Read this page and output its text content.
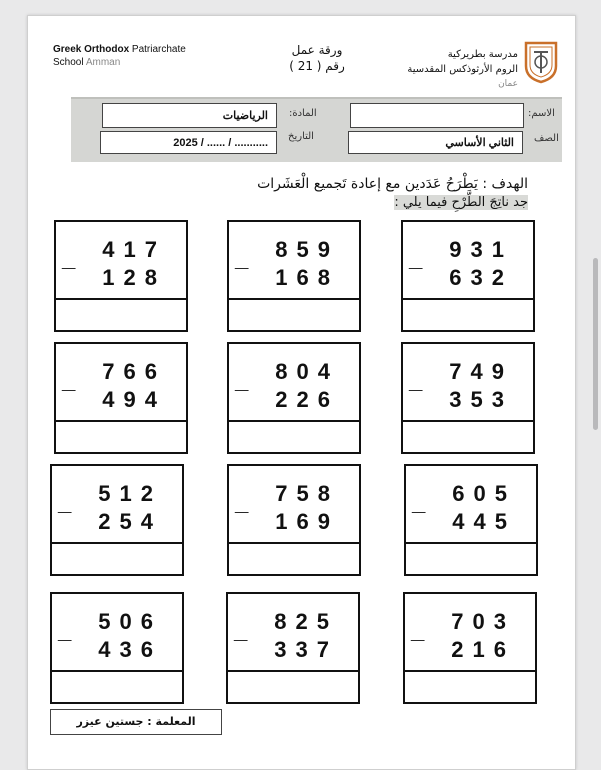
Greek Orthodox Patriarchate
School Amman
ورقة عمل
رقم ( 21 )
مدرسة بطريركية
الروم الأرثوذكس المقدسية
عمان
الاسم:
المادة:
الرياضيات
الصف
الثاني الأساسي
التاريخ
2025 / ...... / ...........
الهدف : يَطْرَحُ عَدَدين مع إعادة تَجميع الْعَشَرات
جد ناتِجَ الطَّرْحِ فيما يلي :
_ 417
128
_ 859
168
_ 931
632
_ 766
494
_ 804
226
_ 749
353
_ 512
254
_ 758
169
_ 605
445
_ 506
436
_ 825
337
_ 703
216
المعلمة : جستين عيزر
